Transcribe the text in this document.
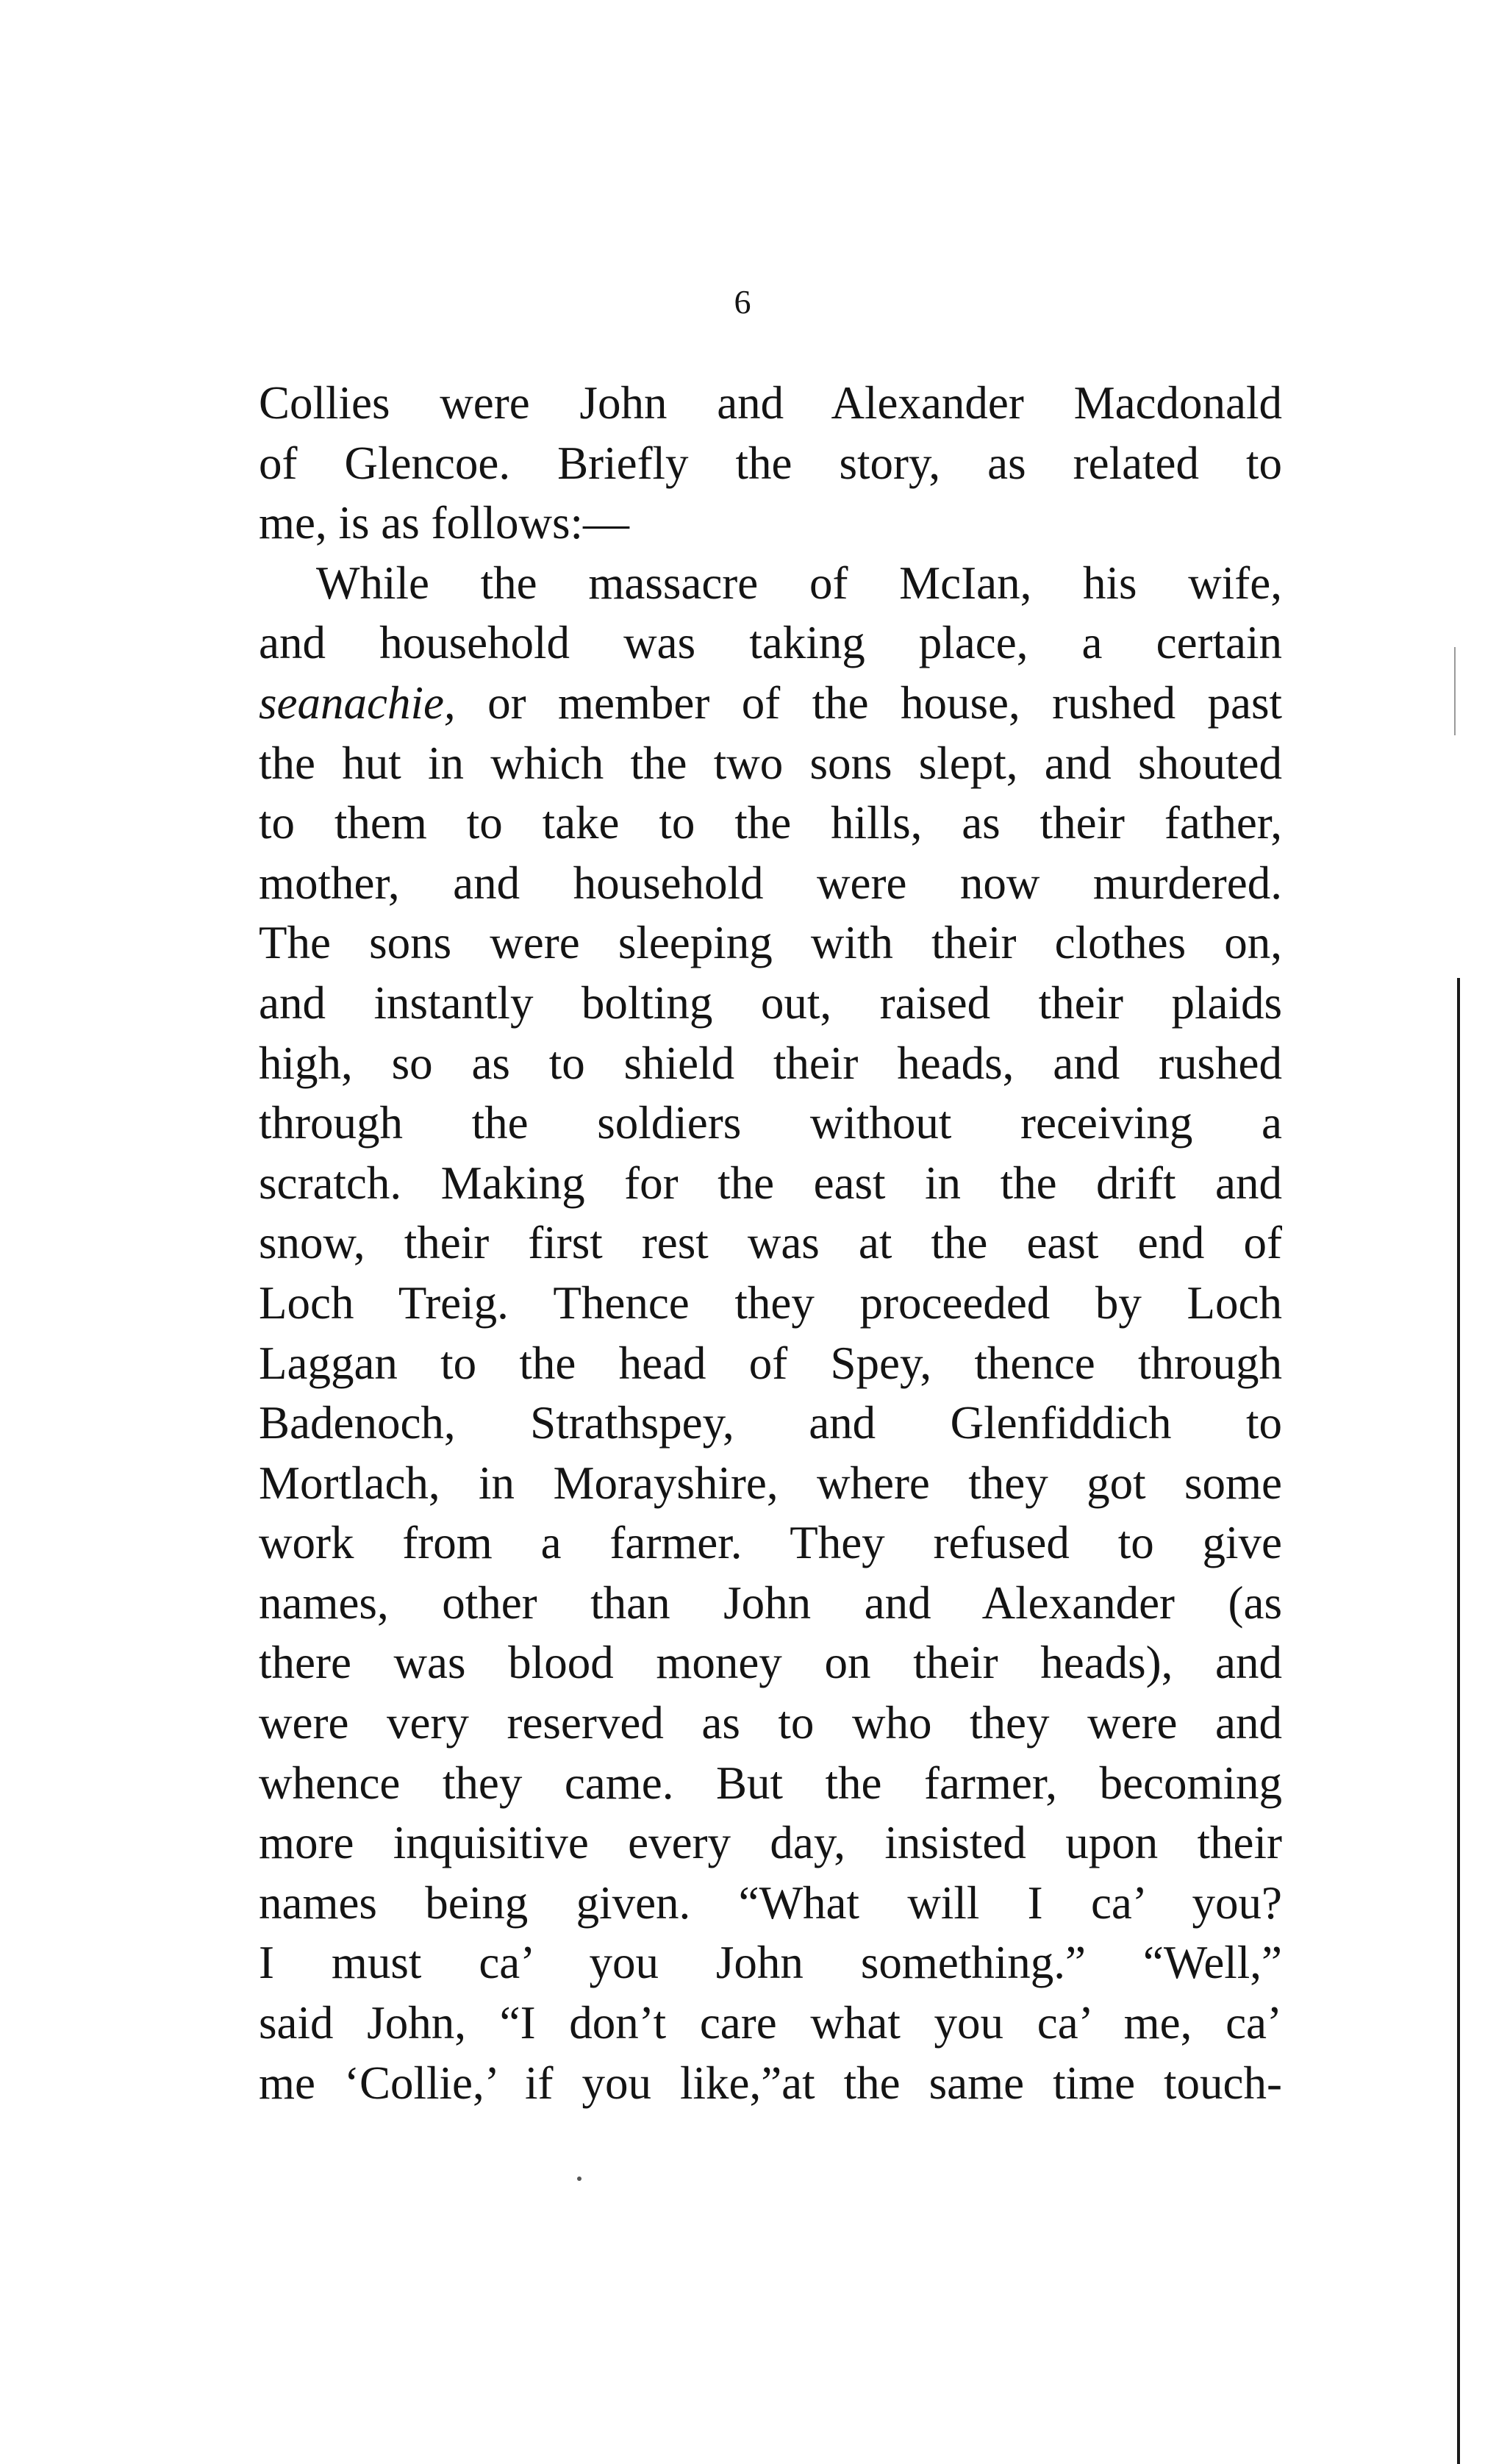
6
Collies were John and Alexander Macdonald
of Glencoe. Briefly the story, as related to
me, is as follows:—
While the massacre of McIan, his wife,
and household was taking place, a certain
seanachie, or member of the house, rushed past
the hut in which the two sons slept, and shouted
to them to take to the hills, as their father,
mother, and household were now murdered.
The sons were sleeping with their clothes on,
and instantly bolting out, raised their plaids
high, so as to shield their heads, and rushed
through the soldiers without receiving a
scratch. Making for the east in the drift and
snow, their first rest was at the east end of
Loch Treig. Thence they proceeded by Loch
Laggan to the head of Spey, thence through
Badenoch, Strathspey, and Glenfiddich to
Mortlach, in Morayshire, where they got some
work from a farmer. They refused to give
names, other than John and Alexander (as
there was blood money on their heads), and
were very reserved as to who they were and
whence they came. But the farmer, becoming
more inquisitive every day, insisted upon their
names being given. “What will I ca’ you?
I must ca’ you John something.” “Well,”
said John, “I don’t care what you ca’ me, ca’
me ‘Collie,’ if you like,”at the same time touch-
